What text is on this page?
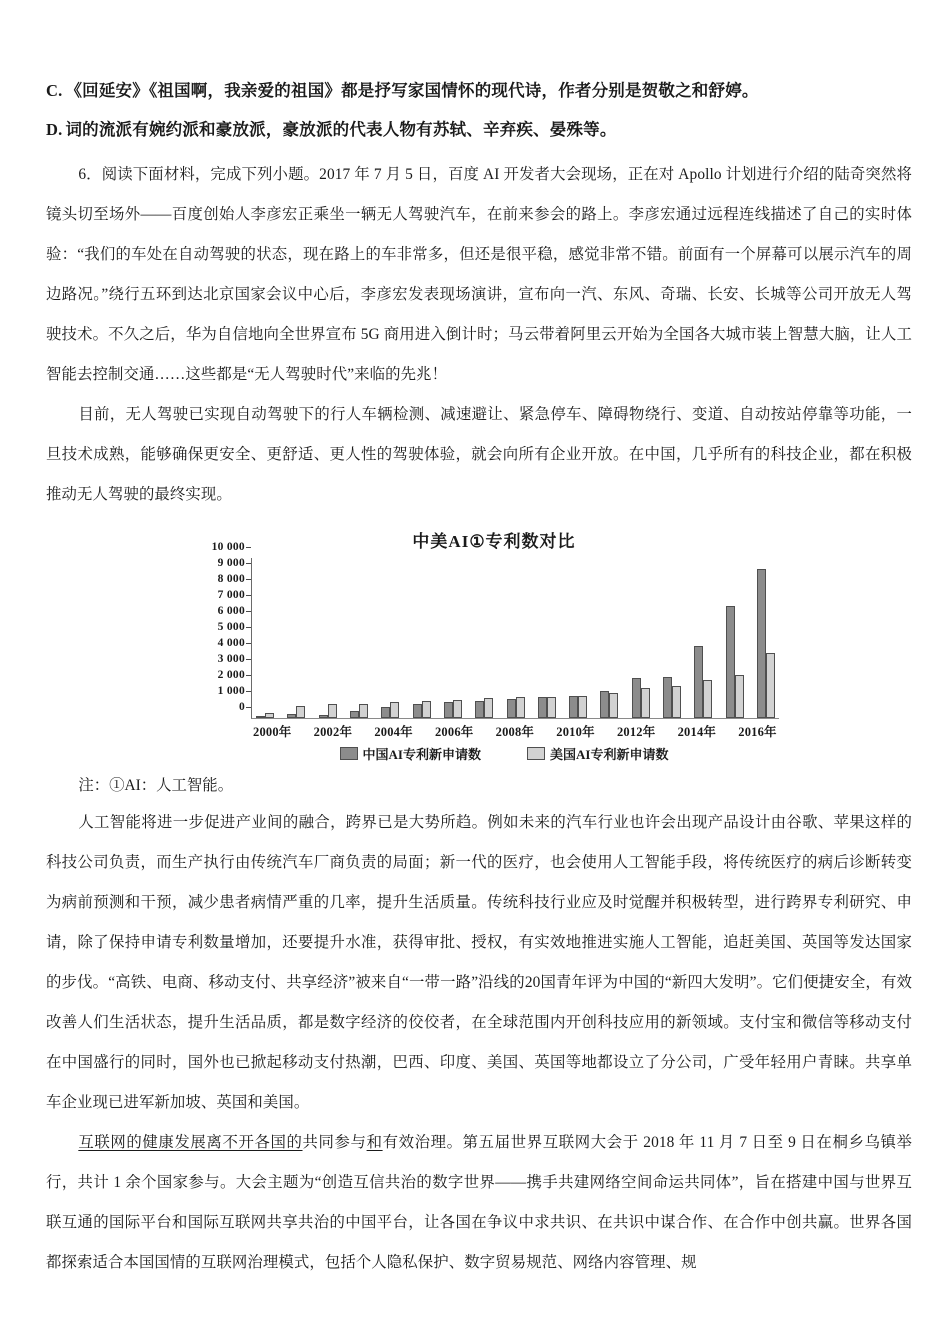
C. 《回延安》《祖国啊，我亲爱的祖国》都是抒写家国情怀的现代诗，作者分别是贺敬之和舒婷。
D. 词的流派有婉约派和豪放派，豪放派的代表人物有苏轼、辛弃疾、晏殊等。

6．阅读下面材料，完成下列小题。2017 年 7 月 5 日，百度 AI 开发者大会现场，正在对 Apollo 计划进行介绍的陆奇突然将镜头切至场外——百度创始人李彦宏正乘坐一辆无人驾驶汽车，在前来参会的路上。李彦宏通过远程连线描述了自己的实时体验：“我们的车处在自动驾驶的状态，现在路上的车非常多，但还是很平稳，感觉非常不错。前面有一个屏幕可以展示汽车的周边路况。”绕行五环到达北京国家会议中心后，李彦宏发表现场演讲，宣布向一汽、东风、奇瑞、长安、长城等公司开放无人驾驶技术。不久之后，华为自信地向全世界宣布 5G 商用进入倒计时；马云带着阿里云开始为全国各大城市装上智慧大脑，让人工智能去控制交通……这些都是“无人驾驶时代”来临的先兆！

目前，无人驾驶已实现自动驾驶下的行人车辆检测、减速避让、紧急停车、障碍物绕行、变道、自动按站停靠等功能，一旦技术成熟，能够确保更安全、更舒适、更人性的驾驶体验，就会向所有企业开放。在中国，几乎所有的科技企业，都在积极推动无人驾驶的最终实现。

中美AI①专利数对比
0
1 000
2 000
3 000
4 000
5 000
6 000
7 000
8 000
9 000
10 000
2000年 2002年 2004年 2006年 2008年 2010年 2012年 2014年 2016年
中国AI专利新申请数	美国AI专利新申请数

注：①AI：人工智能。

人工智能将进一步促进产业间的融合，跨界已是大势所趋。例如未来的汽车行业也许会出现产品设计由谷歌、苹果这样的科技公司负责，而生产执行由传统汽车厂商负责的局面；新一代的医疗，也会使用人工智能手段，将传统医疗的病后诊断转变为病前预测和干预，减少患者病情严重的几率，提升生活质量。传统科技行业应及时觉醒并积极转型，进行跨界专利研究、申请，除了保持申请专利数量增加，还要提升水准，获得审批、授权，有实效地推进实施人工智能，追赶美国、英国等发达国家的步伐。“高铁、电商、移动支付、共享经济”被来自“一带一路”沿线的20国青年评为中国的“新四大发明”。它们便捷安全，有效改善人们生活状态，提升生活品质，都是数字经济的佼佼者，在全球范围内开创科技应用的新领域。支付宝和微信等移动支付在中国盛行的同时，国外也已掀起移动支付热潮，巴西、印度、美国、英国等地都设立了分公司，广受年轻用户青睐。共享单车企业现已进军新加坡、英国和美国。

互联网的健康发展离不开各国的共同参与和有效治理。第五届世界互联网大会于 2018 年 11 月 7 日至 9 日在桐乡乌镇举行，共计 1 余个国家参与。大会主题为“创造互信共治的数字世界——携手共建网络空间命运共同体”，旨在搭建中国与世界互联互通的国际平台和国际互联网共享共治的中国平台，让各国在争议中求共识、在共识中谋合作、在合作中创共赢。世界各国都探索适合本国国情的互联网治理模式，包括个人隐私保护、数字贸易规范、网络内容管理、规
